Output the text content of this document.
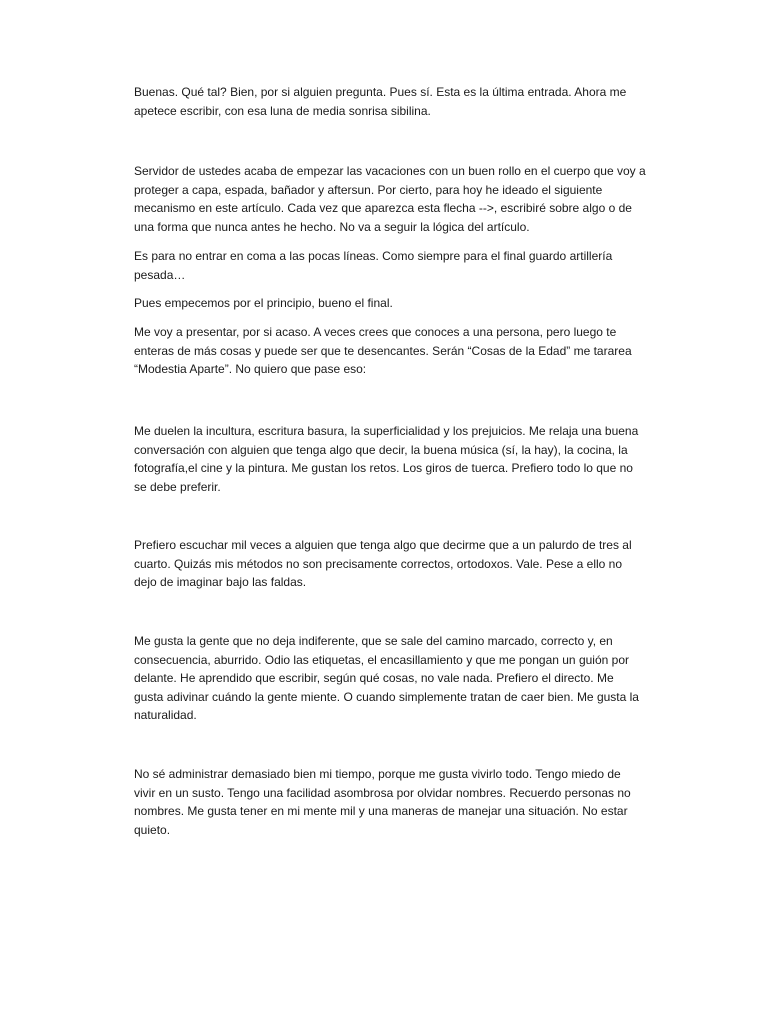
Buenas. Qué tal? Bien, por si alguien pregunta. Pues sí. Esta es la última entrada. Ahora me
apetece escribir, con esa luna de media sonrisa sibilina.

Servidor de ustedes acaba de empezar las vacaciones con un buen rollo en el cuerpo que voy a
proteger a capa, espada, bañador y aftersun. Por cierto, para hoy he ideado el siguiente
mecanismo en este artículo. Cada vez que aparezca esta flecha -->, escribiré sobre algo o de
una forma que nunca antes he hecho. No va a seguir la lógica del artículo.

Es para no entrar en coma a las pocas líneas. Como siempre para el final guardo artillería
pesada…

Pues empecemos por el principio, bueno el final.

Me voy a presentar, por si acaso. A veces crees que conoces a una persona, pero luego te
enteras de más cosas y puede ser que te desencantes. Serán “Cosas de la Edad” me tararea
“Modestia Aparte”. No quiero que pase eso:

Me duelen la incultura, escritura basura, la superficialidad y los prejuicios. Me relaja una buena
conversación con alguien que tenga algo que decir, la buena música (sí, la hay), la cocina, la
fotografía,el cine y la pintura. Me gustan los retos. Los giros de tuerca. Prefiero todo lo que no
se debe preferir.

Prefiero escuchar mil veces a alguien que tenga algo que decirme que a un palurdo de tres al
cuarto. Quizás mis métodos no son precisamente correctos, ortodoxos. Vale. Pese a ello no
dejo de imaginar bajo las faldas.

Me gusta la gente que no deja indiferente, que se sale del camino marcado, correcto y, en
consecuencia, aburrido. Odio las etiquetas, el encasillamiento y que me pongan un guión por
delante. He aprendido que escribir, según qué cosas, no vale nada. Prefiero el directo. Me
gusta adivinar cuándo la gente miente. O cuando simplemente tratan de caer bien. Me gusta la
naturalidad.

No sé administrar demasiado bien mi tiempo, porque me gusta vivirlo todo. Tengo miedo de
vivir en un susto. Tengo una facilidad asombrosa por olvidar nombres. Recuerdo personas no
nombres. Me gusta tener en mi mente mil y una maneras de manejar una situación. No estar
quieto.
